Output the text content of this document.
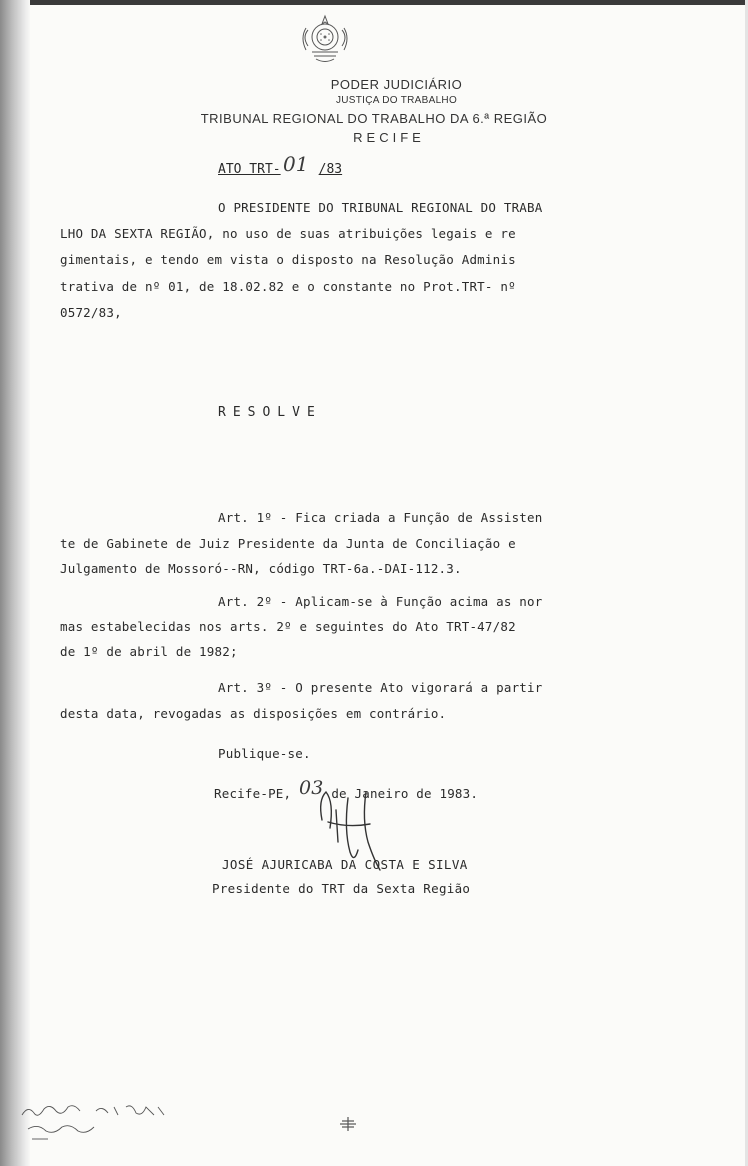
PODER JUDICIÁRIO
JUSTIÇA DO TRABALHO
TRIBUNAL REGIONAL DO TRABALHO DA 6.ª REGIÃO
RECIFE
ATO TRT-	/83
01
O PRESIDENTE DO TRIBUNAL REGIONAL DO TRABA
LHO DA SEXTA REGIÃO, no uso de suas atribuições legais e re
gimentais, e tendo em vista o disposto na Resolução Adminis
trativa de nº 01, de 18.02.82 e o constante no Prot.TRT- nº
0572/83,
RESOLVE
Art. 1º - Fica criada a Função de Assisten
te de Gabinete de Juiz Presidente da Junta de Conciliação e
Julgamento de Mossoró--RN, código TRT-6a.-DAI-112.3.
Art. 2º - Aplicam-se à Função acima as nor
mas estabelecidas nos arts. 2º e seguintes do Ato TRT-47/82
de 1º de abril de 1982;
Art. 3º - O presente Ato vigorará a partir
desta data, revogadas as disposições em contrário.
Publique-se.
Recife-PE, 03 de Janeiro de 1983.
JOSÉ AJURICABA DA COSTA E SILVA
Presidente do TRT da Sexta Região
